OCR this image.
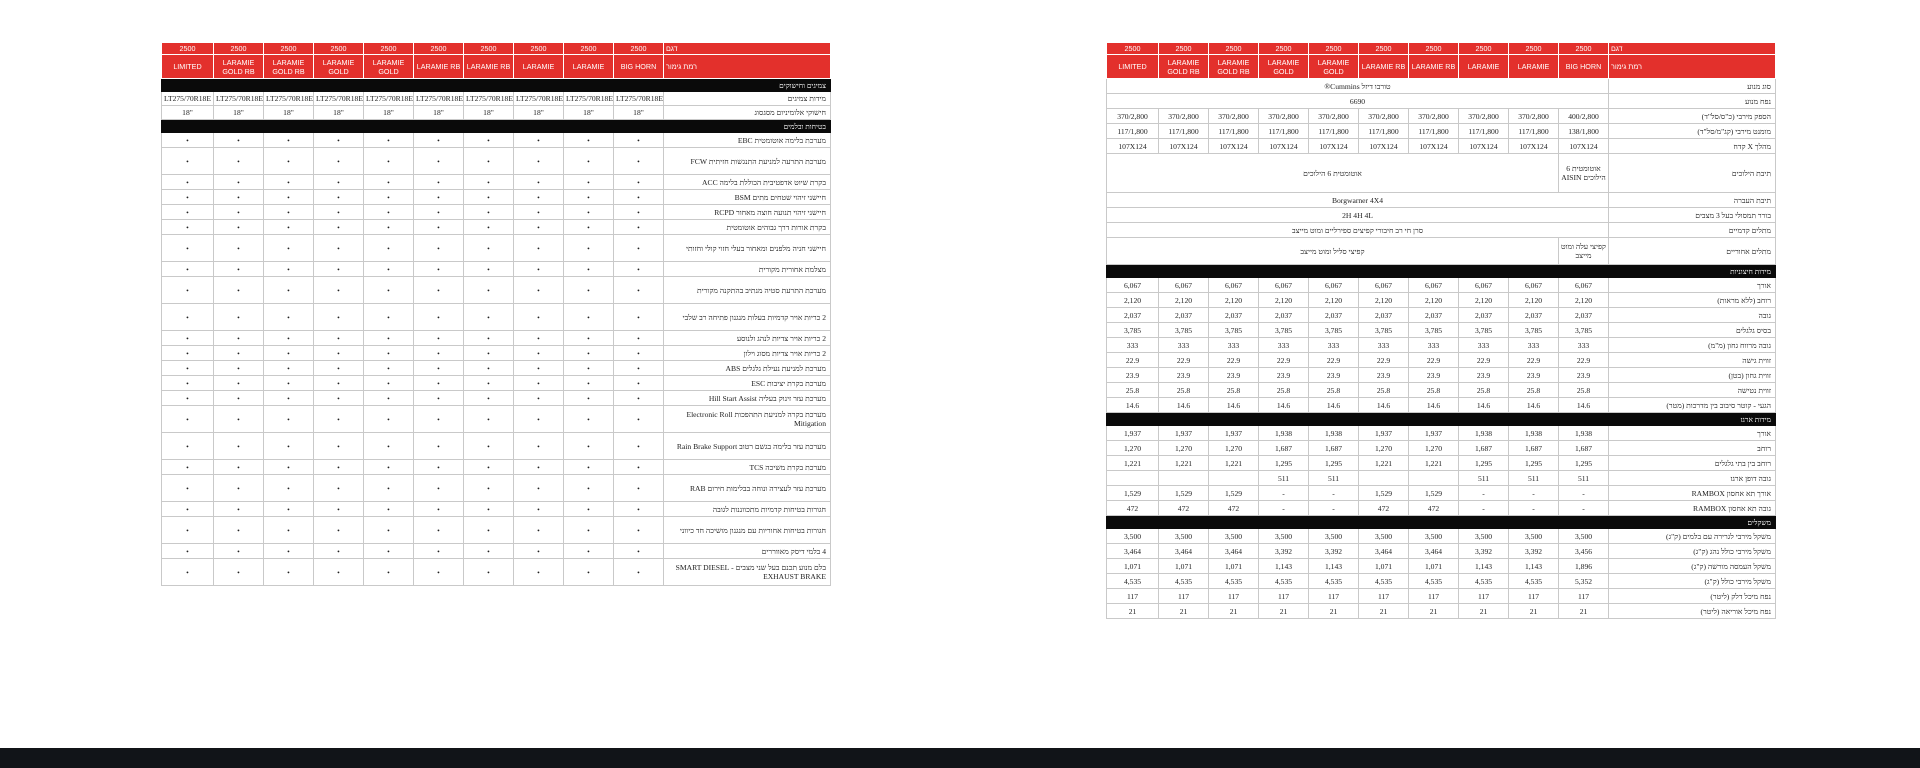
2500	2500	2500	2500	2500	2500	2500	2500	2500	2500	דגם
LIMITED	LARAMIE GOLD RB	LARAMIE GOLD RB	LARAMIE GOLD	LARAMIE GOLD	LARAMIE RB	LARAMIE RB	LARAMIE	LARAMIE	BIG HORN	רמת גימור
צמיגים וחישוקים										
LT275/70R18E	LT275/70R18E	LT275/70R18E	LT275/70R18E	LT275/70R18E	LT275/70R18E	LT275/70R18E	LT275/70R18E	LT275/70R18E	LT275/70R18E	מידות צמיגים
18"	18"	18"	18"	18"	18"	18"	18"	18"	18"	חישוקי אלומיניום מסגסוג
בטיחות ובלמים										
•	•	•	•	•	•	•	•	•	•	מערכת בלימה אוטומטית EBC
•	•	•	•	•	•	•	•	•	•	מערכת התרעה למניעת התנגשות חזיתית FCW
•	•	•	•	•	•	•	•	•	•	בקרת שיוט אדפטיבית הכוללת בלימה ACC
•	•	•	•	•	•	•	•	•	•	חיישני זיהוי שטחים מתים BSM
•	•	•	•	•	•	•	•	•	•	חיישני זיהוי תנועה חוצה מאחור RCPD
•	•	•	•	•	•	•	•	•	•	בקרת אורות דרך גבוהים אוטומטית
•	•	•	•	•	•	•	•	•	•	חיישני חניה מלפנים ומאחור בעלי חזוי קולי וחזותי
•	•	•	•	•	•	•	•	•	•	מצלמת אחורית מקורית
•	•	•	•	•	•	•	•	•	•	מערכת התרעת סטיה מנתיב בהתקנה מקורית
•	•	•	•	•	•	•	•	•	•	2 כריות אויר קדמיות בעלות מנגנון פתיחה רב שלבי
•	•	•	•	•	•	•	•	•	•	2 כריות אויר צדיות לנהג ולנוסע
•	•	•	•	•	•	•	•	•	•	2 כריות אויר צדיות מסוג וילון
•	•	•	•	•	•	•	•	•	•	מערכת למניעת נעילת גלגלים ABS
•	•	•	•	•	•	•	•	•	•	מערכת בקרת יציבות ESC
•	•	•	•	•	•	•	•	•	•	מערכת עזר זינוק בעליה Hill Start Assist
•	•	•	•	•	•	•	•	•	•	מערכת בקרה למניעת התהפכות Electronic Roll Mitigation
•	•	•	•	•	•	•	•	•	•	מערכת עזר בלימה בגשם רטוב Rain Brake Support
•	•	•	•	•	•	•	•	•	•	מערכת בקרת משיכה TCS
•	•	•	•	•	•	•	•	•	•	מערכת עזר לעצירה ונוחה בבלימות חירום RAB
•	•	•	•	•	•	•	•	•	•	חגורות בטיחות קדמיות מתכווננות לגובה
•	•	•	•	•	•	•	•	•	•	חגורות בטיחות אחוריות עם מנגנון מושיכה חד כיווני
•	•	•	•	•	•	•	•	•	•	4 בלמי דיסק מאווררים
•	•	•	•	•	•	•	•	•	•	בלם מנוע תכנם בעל שני מצבים - SMART DIESEL EXHAUST BRAKE
2500	2500	2500	2500	2500	2500	2500	2500	2500	2500	דגם
LIMITED	LARAMIE GOLD RB	LARAMIE GOLD RB	LARAMIE GOLD	LARAMIE GOLD	LARAMIE RB	LARAMIE RB	LARAMIE	LARAMIE	BIG HORN	רמת גימור
טורבו דיזל Cummins®										סוג מנוע
6690										נפח מנוע
370/2,800	370/2,800	370/2,800	370/2,800	370/2,800	370/2,800	370/2,800	370/2,800	370/2,800	400/2,800	הספק מירבי (כ"ס/סל"ד)
117/1,800	117/1,800	117/1,800	117/1,800	117/1,800	117/1,800	117/1,800	117/1,800	117/1,800	138/1,800	מומנט מירבי (קג"מ/סל"ד)
107X124	107X124	107X124	107X124	107X124	107X124	107X124	107X124	107X124	107X124	מהלך X קדח
אוטומטית 6 הילוכים									אוטומטית 6 הילוכים AISIN	תיבת הילוכים
Borgwarner 4X4										תיבת העברה
2H 4H 4L										בורר תמסולי בעל 3 מצבים
סרן חי רב חיבורי קפיצים ספירליים ומוט מייצב										מתלים קדמיים
קפיצי סליל ומוט מייצב									קפיצי עלה ומוט מייצב	מתלים אחוריים
מידות חיצוניות										
6,067	6,067	6,067	6,067	6,067	6,067	6,067	6,067	6,067	6,067	אורך
2,120	2,120	2,120	2,120	2,120	2,120	2,120	2,120	2,120	2,120	רוחב (ללא מראות)
2,037	2,037	2,037	2,037	2,037	2,037	2,037	2,037	2,037	2,037	גובה
3,785	3,785	3,785	3,785	3,785	3,785	3,785	3,785	3,785	3,785	בסיס גלגלים
333	333	333	333	333	333	333	333	333	333	גובה מרווח גחון (מ"מ)
22.9	22.9	22.9	22.9	22.9	22.9	22.9	22.9	22.9	22.9	זווית גישה
23.9	23.9	23.9	23.9	23.9	23.9	23.9	23.9	23.9	23.9	זווית גחון (בטן)
25.8	25.8	25.8	25.8	25.8	25.8	25.8	25.8	25.8	25.8	זווית נטישה
14.6	14.6	14.6	14.6	14.6	14.6	14.6	14.6	14.6	14.6	הגעי - קוטר סיבוב בין מדרכות (מטר)
מידות ארגז										
1,937	1,937	1,937	1,938	1,938	1,937	1,937	1,938	1,938	1,938	אורך
1,270	1,270	1,270	1,687	1,687	1,270	1,270	1,687	1,687	1,687	רוחב
1,221	1,221	1,221	1,295	1,295	1,221	1,221	1,295	1,295	1,295	רוחב בין בתי גלגלים
			511	511			511	511	511	גובה דופן ארגז
1,529	1,529	1,529	-	-	1,529	1,529	-	-	-	אורך תא אחסון RAMBOX
472	472	472	-	-	472	472	-	-	-	גובה תא אחסון RAMBOX
משקלים										
3,500	3,500	3,500	3,500	3,500	3,500	3,500	3,500	3,500	3,500	משקל מירבי לגרירה עם בלמים (ק"ג)
3,464	3,464	3,464	3,392	3,392	3,464	3,464	3,392	3,392	3,456	משקל מירבי כולל נהג (ק"ג)
1,071	1,071	1,071	1,143	1,143	1,071	1,071	1,143	1,143	1,896	משקל העמסה מורשה (ק"ג)
4,535	4,535	4,535	4,535	4,535	4,535	4,535	4,535	4,535	5,352	משקל מירבי כולל (ק"ג)
117	117	117	117	117	117	117	117	117	117	נפח מיכל דלק (ליטר)
21	21	21	21	21	21	21	21	21	21	נפח מיכל אוריאה (ליטר)
